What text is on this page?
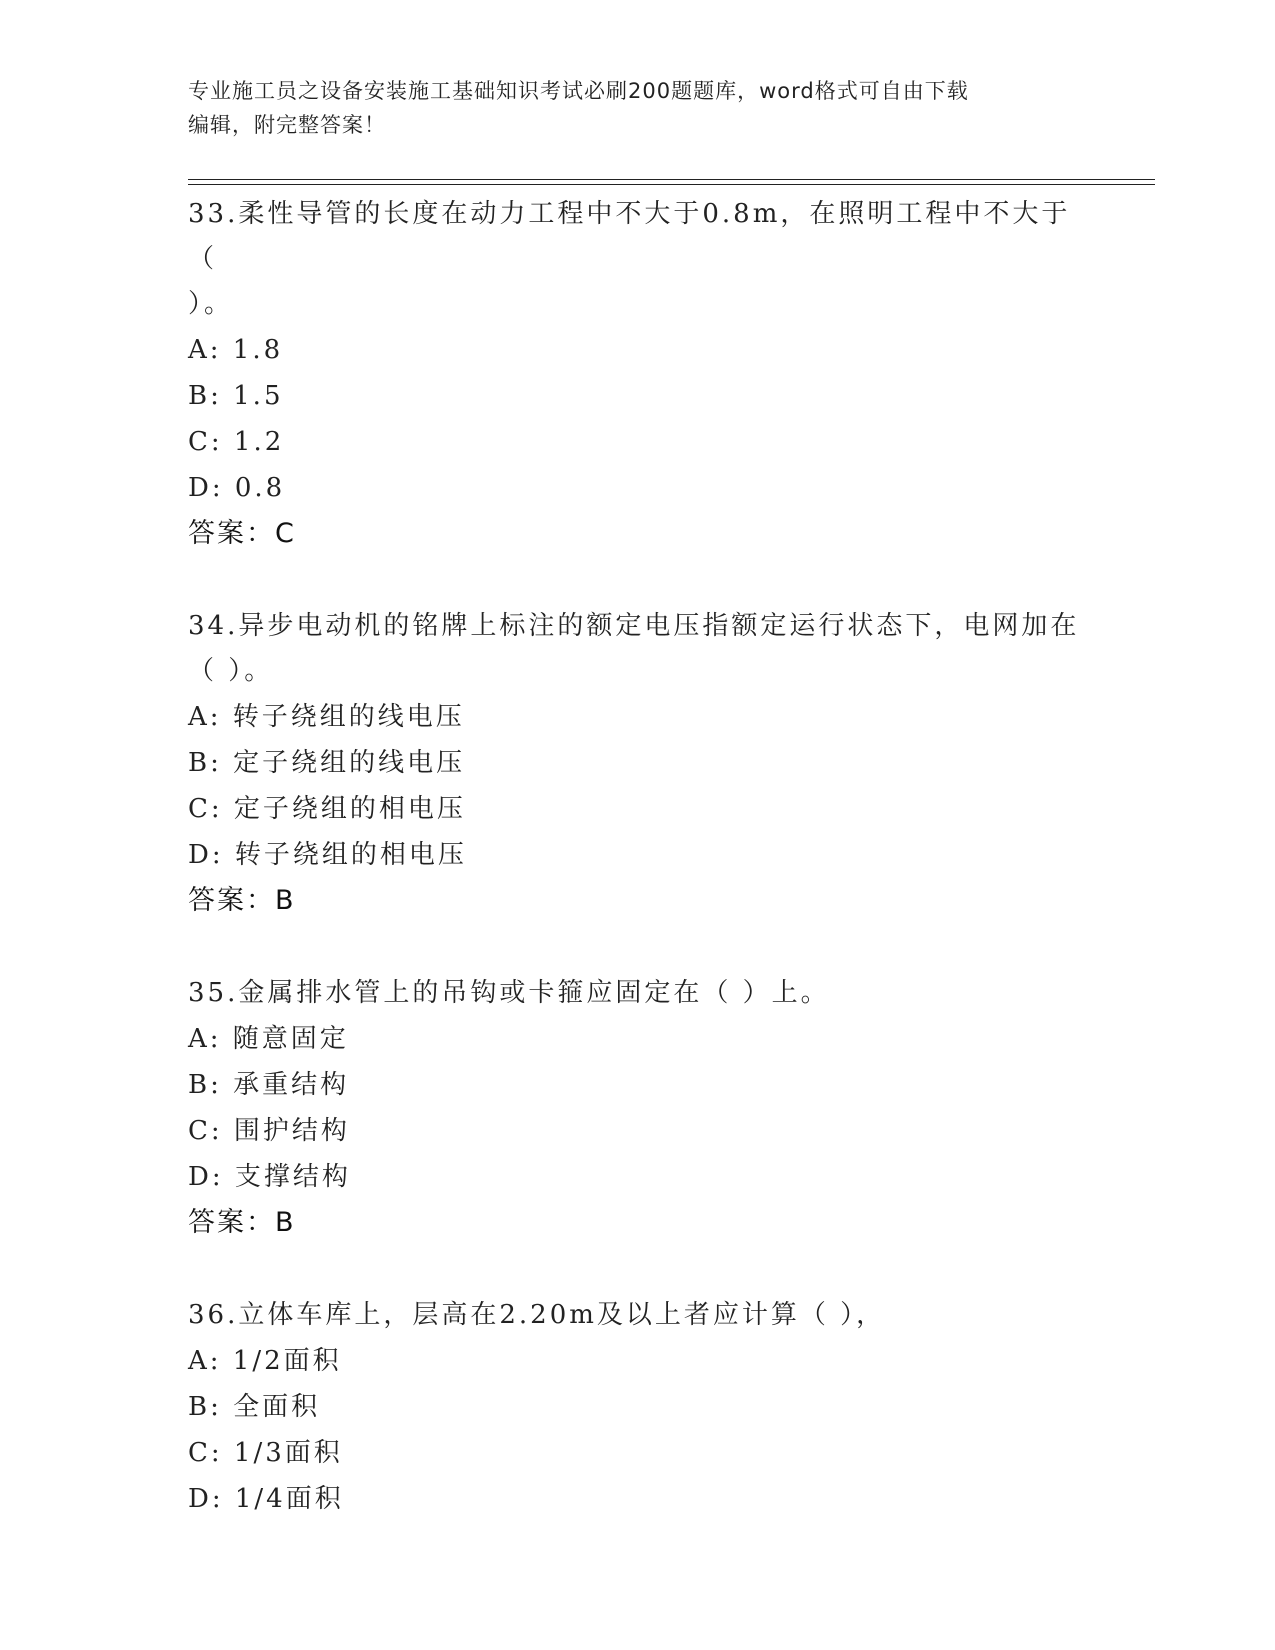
专业施工员之设备安装施工基础知识考试必刷200题题库，word格式可自由下载
编辑，附完整答案！
33.柔性导管的长度在动力工程中不大于0.8m，在照明工程中不大于（
）。
A: 1.8
B: 1.5
C: 1.2
D: 0.8
答案：C
34.异步电动机的铭牌上标注的额定电压指额定运行状态下，电网加在
（ ）。
A: 转子绕组的线电压
B: 定子绕组的线电压
C: 定子绕组的相电压
D: 转子绕组的相电压
答案：B
35.金属排水管上的吊钩或卡箍应固定在（ ）上。
A: 随意固定
B: 承重结构
C: 围护结构
D: 支撑结构
答案：B
36.立体车库上，层高在2.20m及以上者应计算（ ），
A: 1/2面积
B: 全面积
C: 1/3面积
D: 1/4面积
